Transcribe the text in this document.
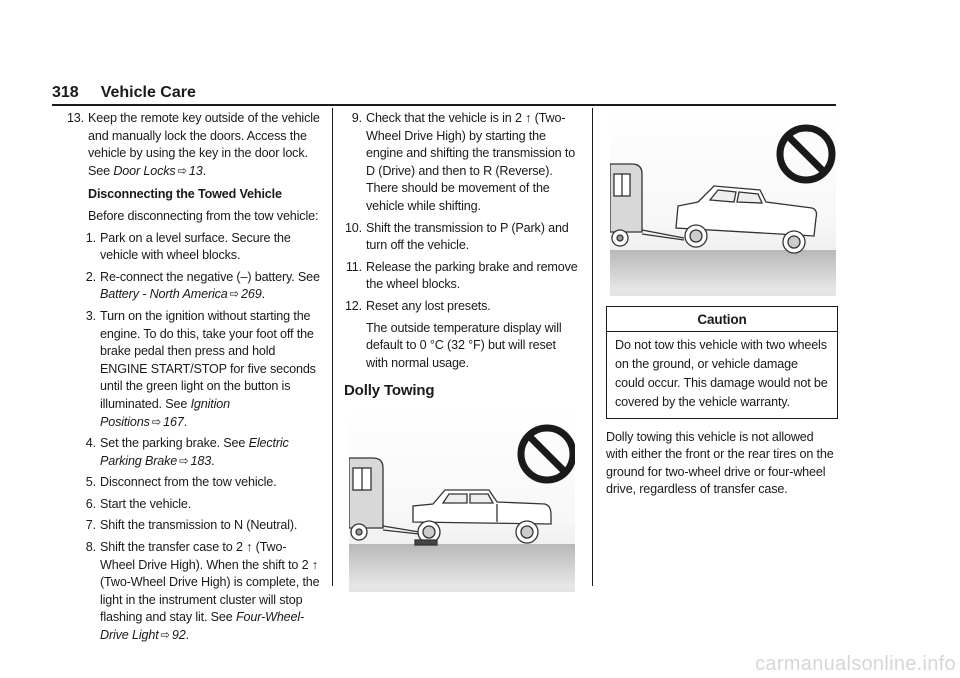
318 Vehicle Care
13. Keep the remote key outside of the vehicle and manually lock the doors. Access the vehicle by using the key in the door lock. See Door Locks ⇨ 13.
Disconnecting the Towed Vehicle
Before disconnecting from the tow vehicle:
1. Park on a level surface. Secure the vehicle with wheel blocks.
2. Re-connect the negative (–) battery. See Battery - North America ⇨ 269.
3. Turn on the ignition without starting the engine. To do this, take your foot off the brake pedal then press and hold ENGINE START/STOP for five seconds until the green light on the button is illuminated. See Ignition Positions ⇨ 167.
4. Set the parking brake. See Electric Parking Brake ⇨ 183.
5. Disconnect from the tow vehicle.
6. Start the vehicle.
7. Shift the transmission to N (Neutral).
8. Shift the transfer case to 2 ↑ (Two-Wheel Drive High). When the shift to 2 ↑ (Two-Wheel Drive High) is complete, the light in the instrument cluster will stop flashing and stay lit. See Four-Wheel-Drive Light ⇨ 92.
9. Check that the vehicle is in 2 ↑ (Two-Wheel Drive High) by starting the engine and shifting the transmission to D (Drive) and then to R (Reverse). There should be movement of the vehicle while shifting.
10. Shift the transmission to P (Park) and turn off the vehicle.
11. Release the parking brake and remove the wheel blocks.
12. Reset any lost presets.
The outside temperature display will default to 0 °C (32 °F) but will reset with normal usage.
Dolly Towing
Caution
Do not tow this vehicle with two wheels on the ground, or vehicle damage could occur. This damage would not be covered by the vehicle warranty.

Dolly towing this vehicle is not allowed with either the front or the rear tires on the ground for two-wheel drive or four-wheel drive, regardless of transfer case.

carmanualsonline.info
